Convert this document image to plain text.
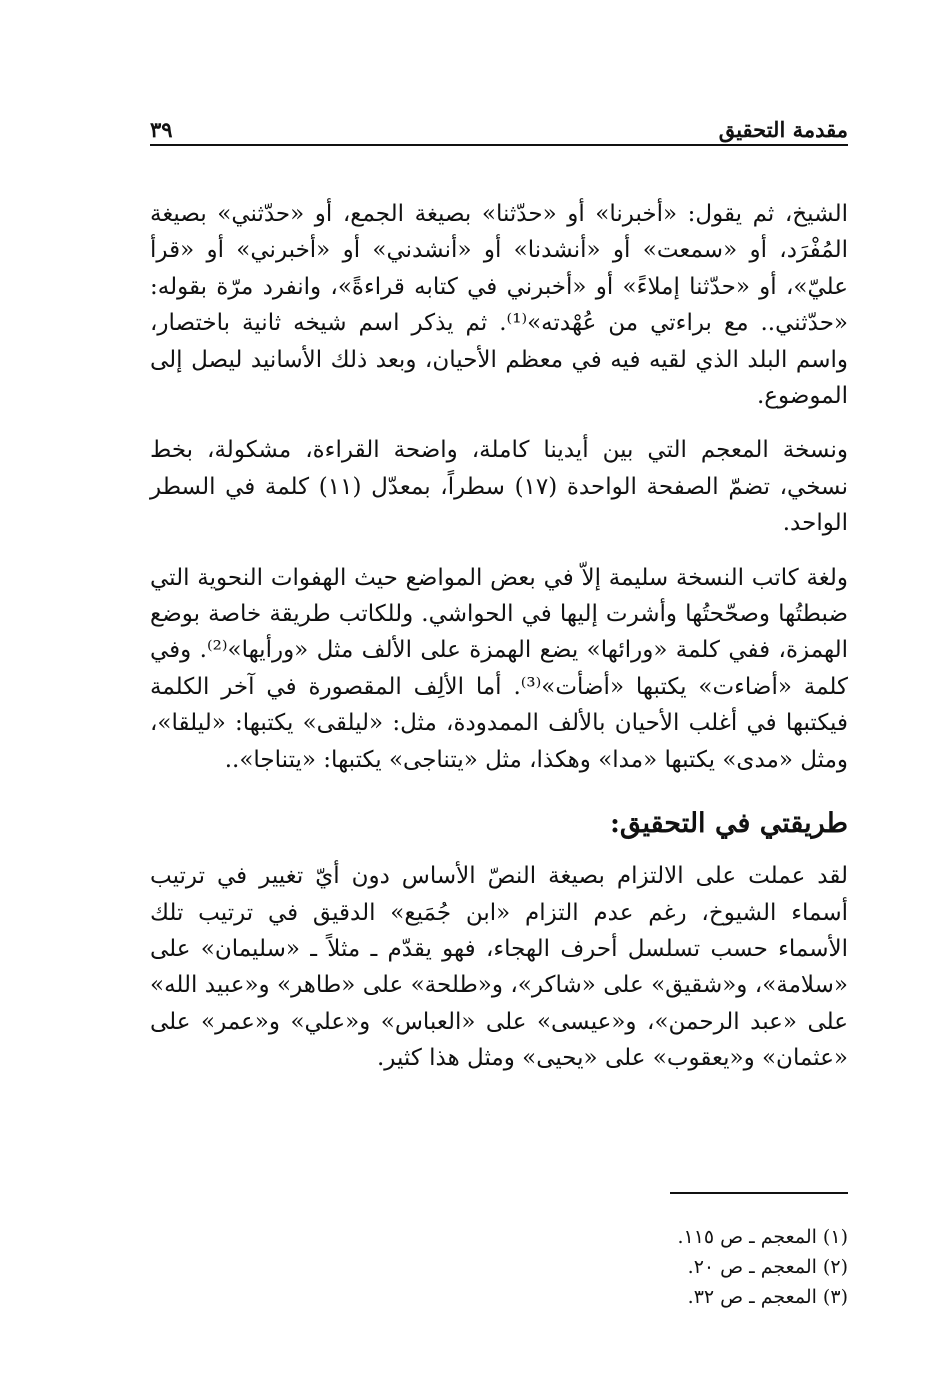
مقدمة التحقيق
٣٩

الشيخ، ثم يقول: «أخبرنا» أو «حدّثنا» بصيغة الجمع، أو «حدّثني» بصيغة المُفْرَد، أو «سمعت» أو «أنشدنا» أو «أنشدني» أو «أخبرني» أو «قرأ عليّ»، أو «حدّثنا إملاءً» أو «أخبرني في كتابه قراءةً»، وانفرد مرّة بقوله: «حدّثني.. مع براءتي من عُهْدته»⁽¹⁾. ثم يذكر اسم شيخه ثانية باختصار، واسم البلد الذي لقيه فيه في معظم الأحيان، وبعد ذلك الأسانيد ليصل إلى الموضوع.

ونسخة المعجم التي بين أيدينا كاملة، واضحة القراءة، مشكولة، بخط نسخي، تضمّ الصفحة الواحدة (١٧) سطراً، بمعدّل (١١) كلمة في السطر الواحد.

ولغة كاتب النسخة سليمة إلاّ في بعض المواضع حيث الهفوات النحوية التي ضبطتُها وصحّحتُها وأشرت إليها في الحواشي. وللكاتب طريقة خاصة بوضع الهمزة، ففي كلمة «ورائها» يضع الهمزة على الألف مثل «ورأيها»⁽²⁾. وفي كلمة «أضاءت» يكتبها «أضأت»⁽³⁾. أما الألِف المقصورة في آخر الكلمة فيكتبها في أغلب الأحيان بالألف الممدودة، مثل: «ليلقى» يكتبها: «ليلقا»، ومثل «مدى» يكتبها «مدا» وهكذا، مثل «يتناجى» يكتبها: «يتناجا»..

طريقتي في التحقيق:

لقد عملت على الالتزام بصيغة النصّ الأساس دون أيّ تغيير في ترتيب أسماء الشيوخ، رغم عدم التزام «ابن جُمَيع» الدقيق في ترتيب تلك الأسماء حسب تسلسل أحرف الهجاء، فهو يقدّم ـ مثلاً ـ «سليمان» على «سلامة»، و«شقيق» على «شاكر»، و«طلحة» على «طاهر» و«عبيد الله» على «عبد الرحمن»، و«عيسى» على «العباس» و«علي» و«عمر» على «عثمان» و«يعقوب» على «يحيى» ومثل هذا كثير.

(١) المعجم ـ ص ١١٥.
(٢) المعجم ـ ص ٢٠.
(٣) المعجم ـ ص ٣٢.
